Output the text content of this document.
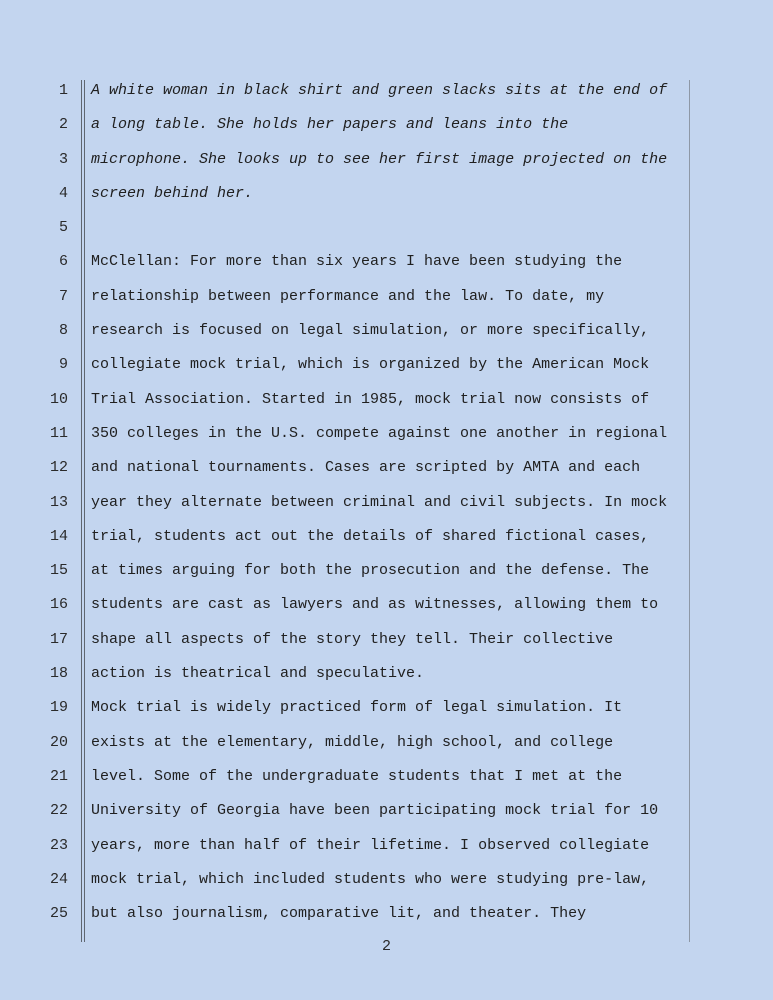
1 A white woman in black shirt and green slacks sits at the end of
2 a long table. She holds her papers and leans into the
3 microphone. She looks up to see her first image projected on the
4 screen behind her.
5
6 McClellan: For more than six years I have been studying the
7 relationship between performance and the law. To date, my
8 research is focused on legal simulation, or more specifically,
9 collegiate mock trial, which is organized by the American Mock
10 Trial Association. Started in 1985, mock trial now consists of
11 350 colleges in the U.S. compete against one another in regional
12 and national tournaments. Cases are scripted by AMTA and each
13 year they alternate between criminal and civil subjects. In mock
14 trial, students act out the details of shared fictional cases,
15 at times arguing for both the prosecution and the defense. The
16 students are cast as lawyers and as witnesses, allowing them to
17 shape all aspects of the story they tell. Their collective
18 action is theatrical and speculative.
19 Mock trial is widely practiced form of legal simulation. It
20 exists at the elementary, middle, high school, and college
21 level. Some of the undergraduate students that I met at the
22 University of Georgia have been participating mock trial for 10
23 years, more than half of their lifetime. I observed collegiate
24 mock trial, which included students who were studying pre-law,
25 but also journalism, comparative lit, and theater. They
2
